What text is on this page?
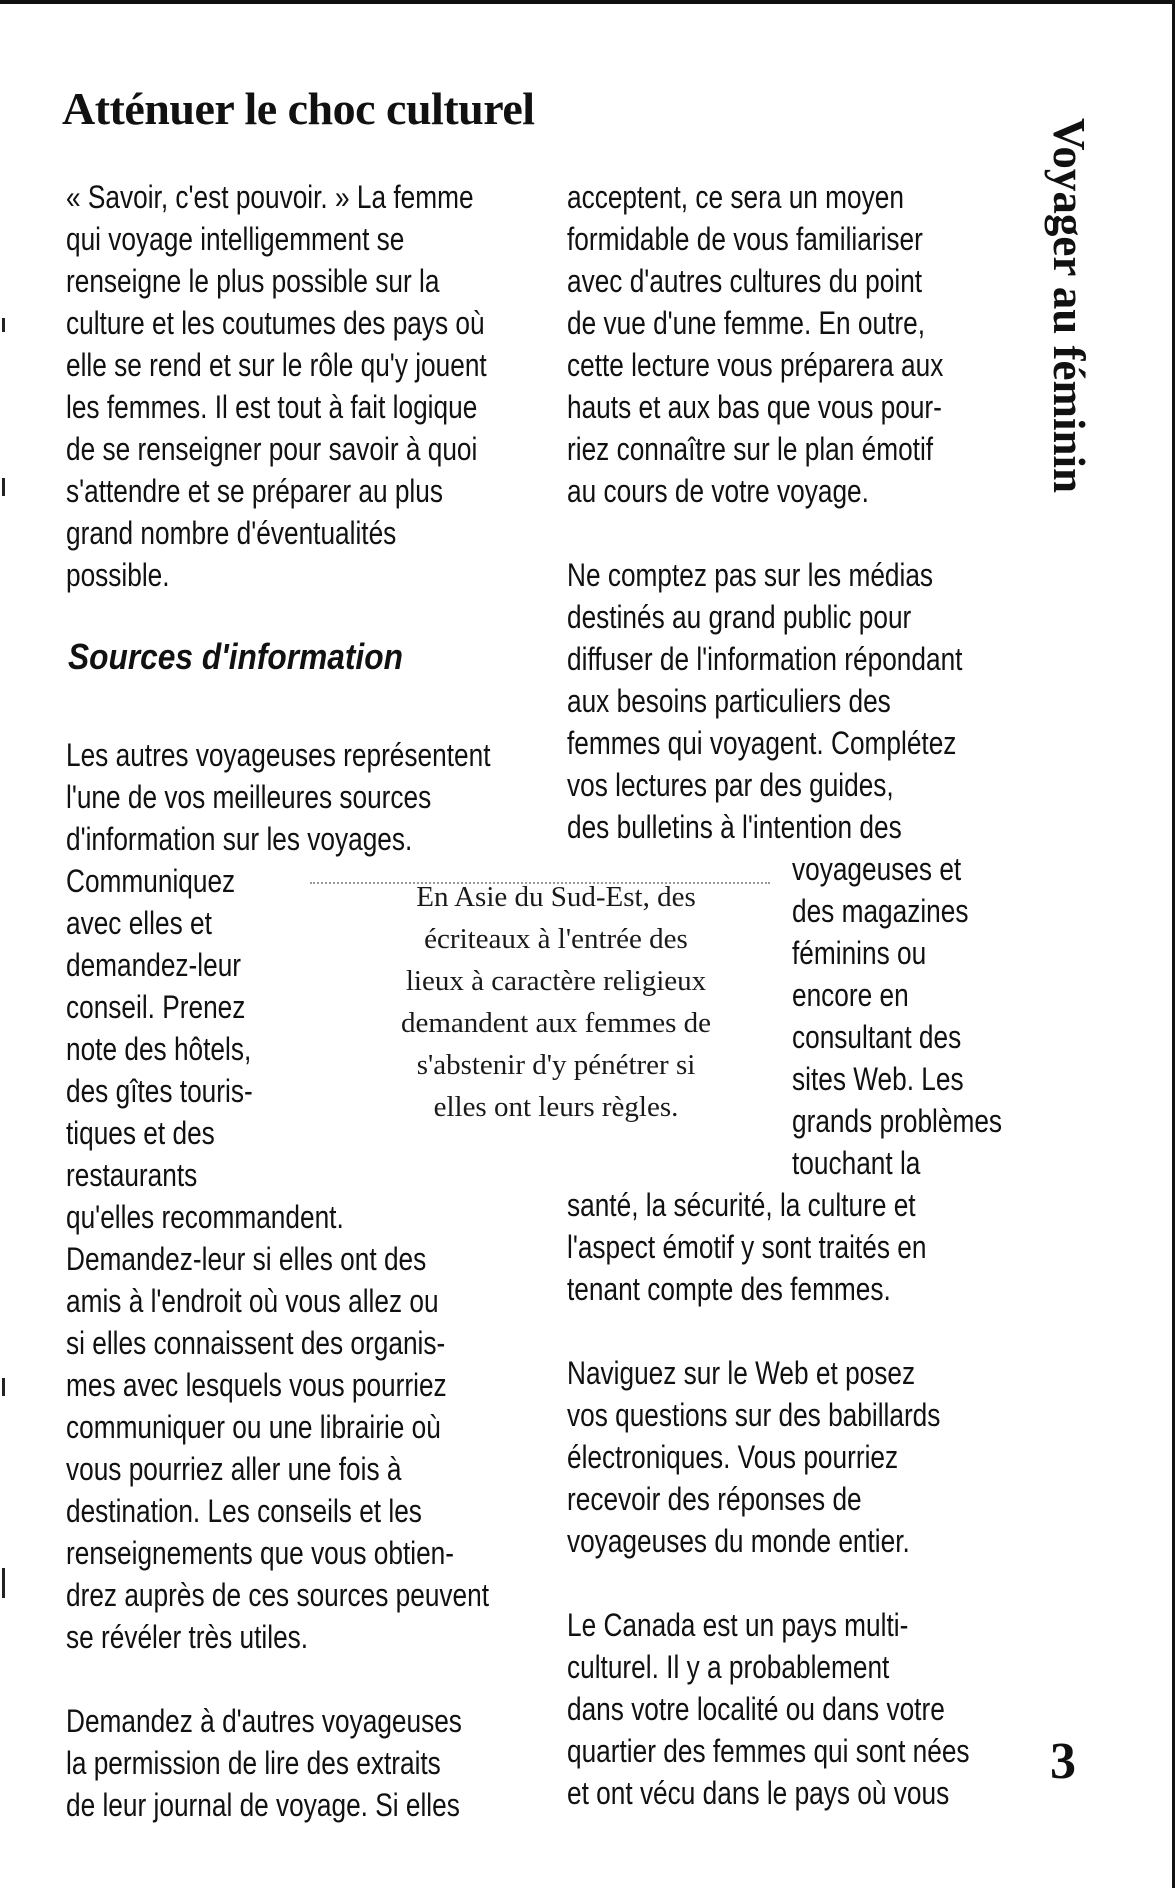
Atténuer le choc culturel
Voyager au féminin
3
Sources d'information
En Asie du Sud-Est, des
écriteaux à l'entrée des
lieux à caractère religieux
demandent aux femmes de
s'abstenir d'y pénétrer si
elles ont leurs règles.

« Savoir, c'est pouvoir. » La femme

qui voyage intelligemment se

renseigne le plus possible sur la

culture et les coutumes des pays où

elle se rend et sur le rôle qu'y jouent

les femmes. Il est tout à fait logique

de se renseigner pour savoir à quoi

s'attendre et se préparer au plus

grand nombre d'éventualités

possible.

Les autres voyageuses représentent

l'une de vos meilleures sources

d'information sur les voyages.

Communiquez

avec elles et

demandez-leur

conseil. Prenez

note des hôtels,

des gîtes touris-

tiques et des

restaurants

qu'elles recommandent.

Demandez-leur si elles ont des

amis à l'endroit où vous allez ou

si elles connaissent des organis-

mes avec lesquels vous pourriez

communiquer ou une librairie où

vous pourriez aller une fois à

destination. Les conseils et les

renseignements que vous obtien-

drez auprès de ces sources peuvent

se révéler très utiles.

Demandez à d'autres voyageuses

la permission de lire des extraits

de leur journal de voyage. Si elles

acceptent, ce sera un moyen

formidable de vous familiariser

avec d'autres cultures du point

de vue d'une femme. En outre,

cette lecture vous préparera aux

hauts et aux bas que vous pour-

riez connaître sur le plan émotif

au cours de votre voyage.

Ne comptez pas sur les médias

destinés au grand public pour

diffuser de l'information répondant

aux besoins particuliers des

femmes qui voyagent. Complétez

vos lectures par des guides,

des bulletins à l'intention des

voyageuses et

des magazines

féminins ou

encore en

consultant des

sites Web. Les

grands problèmes

touchant la

santé, la sécurité, la culture et

l'aspect émotif y sont traités en

tenant compte des femmes.

Naviguez sur le Web et posez

vos questions sur des babillards

électroniques. Vous pourriez

recevoir des réponses de

voyageuses du monde entier.

Le Canada est un pays multi-

culturel. Il y a probablement

dans votre localité ou dans votre

quartier des femmes qui sont nées

et ont vécu dans le pays où vous
